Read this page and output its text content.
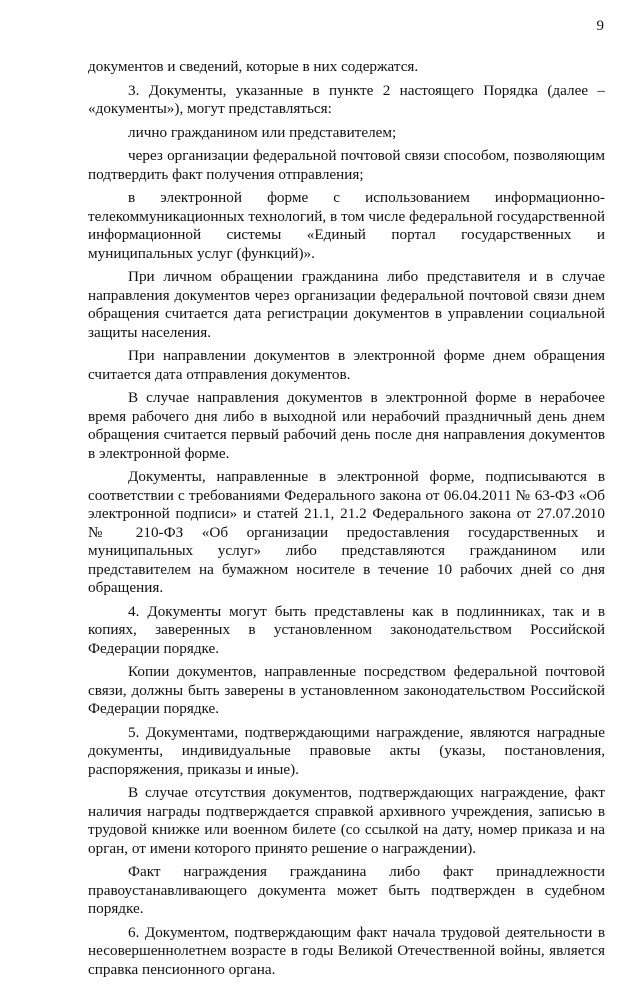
9

документов и сведений, которые в них содержатся.

3. Документы, указанные в пункте 2 настоящего Порядка (далее – «документы»), могут представляться:

лично гражданином или представителем;

через организации федеральной почтовой связи способом, позволяющим подтвердить факт получения отправления;

в электронной форме с использованием информационно-телекоммуникационных технологий, в том числе федеральной государственной информационной системы «Единый портал государственных и муниципальных услуг (функций)».

При личном обращении гражданина либо представителя и в случае направления документов через организации федеральной почтовой связи днем обращения считается дата регистрации документов в управлении социальной защиты населения.

При направлении документов в электронной форме днем обращения считается дата отправления документов.

В случае направления документов в электронной форме в нерабочее время рабочего дня либо в выходной или нерабочий праздничный день днем обращения считается первый рабочий день после дня направления документов в электронной форме.

Документы, направленные в электронной форме, подписываются в соответствии с требованиями Федерального закона от 06.04.2011 № 63-ФЗ «Об электронной подписи» и статей 21.1, 21.2 Федерального закона от 27.07.2010 № 210-ФЗ «Об организации предоставления государственных и муниципальных услуг» либо представляются гражданином или представителем на бумажном носителе в течение 10 рабочих дней со дня обращения.

4. Документы могут быть представлены как в подлинниках, так и в копиях, заверенных в установленном законодательством Российской Федерации порядке.

Копии документов, направленные посредством федеральной почтовой связи, должны быть заверены в установленном законодательством Российской Федерации порядке.

5. Документами, подтверждающими награждение, являются наградные документы, индивидуальные правовые акты (указы, постановления, распоряжения, приказы и иные).

В случае отсутствия документов, подтверждающих награждение, факт наличия награды подтверждается справкой архивного учреждения, записью в трудовой книжке или военном билете (со ссылкой на дату, номер приказа и на орган, от имени которого принято решение о награждении).

Факт награждения гражданина либо факт принадлежности правоустанавливающего документа может быть подтвержден в судебном порядке.

6. Документом, подтверждающим факт начала трудовой деятельности в несовершеннолетнем возрасте в годы Великой Отечественной войны, является справка пенсионного органа.
